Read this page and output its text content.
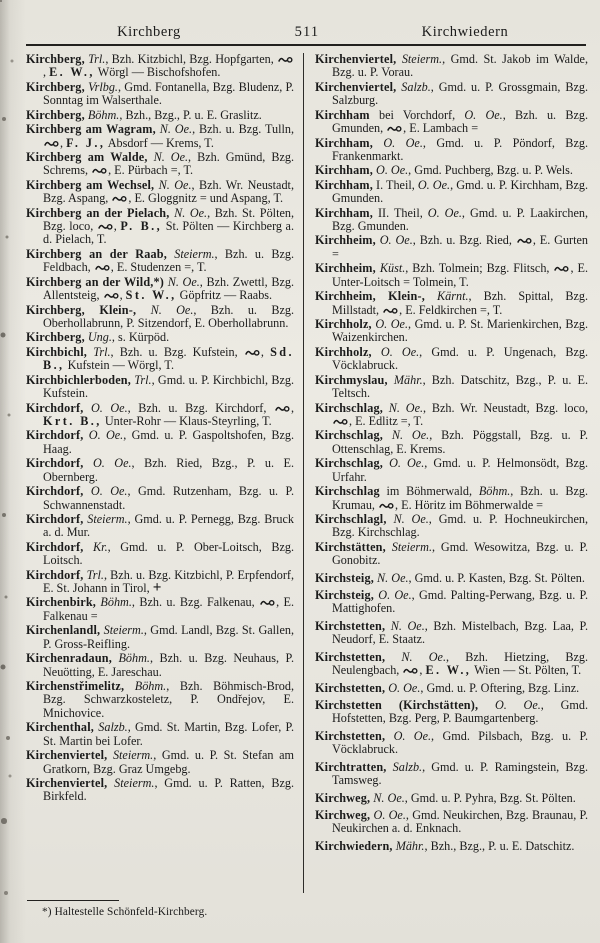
Kirchberg	511	Kirchwiedern

Kirchberg, Trl., Bzh. Kitzbichl, Bzg. Hopfgarten, , E. W., Wörgl — Bischofshofen.

Kirchberg, Vrlbg., Gmd. Fontanella, Bzg. Bludenz, P. Sonntag im Walserthale.

Kirchberg, Böhm., Bzh., Bzg., P. u. E. Graslitz.

Kirchberg am Wagram, N. Oe., Bzh. u. Bzg. Tulln, , F. J., Absdorf — Krems, T.

Kirchberg am Walde, N. Oe., Bzh. Gmünd, Bzg. Schrems, , E. Pürbach =, T.

Kirchberg am Wechsel, N. Oe., Bzh. Wr. Neustadt, Bzg. Aspang, , E. Gloggnitz = und Aspang, T.

Kirchberg an der Pielach, N. Oe., Bzh. St. Pölten, Bzg. loco, , P. B., St. Pölten — Kirchberg a. d. Pielach, T.

Kirchberg an der Raab, Steierm., Bzh. u. Bzg. Feldbach, , E. Studenzen =, T.

Kirchberg an der Wild,*) N. Oe., Bzh. Zwettl, Bzg. Allentsteig, , St. W., Göpfritz — Raabs.

Kirchberg, Klein-, N. Oe., Bzh. u. Bzg. Oberhollabrunn, P. Sitzendorf, E. Oberhollabrunn.

Kirchberg, Ung., s. Kürpöd.

Kirchbichl, Trl., Bzh. u. Bzg. Kufstein, , Sd. B., Kufstein — Wörgl, T.

Kirchbichlerboden, Trl., Gmd. u. P. Kirchbichl, Bzg. Kufstein.

Kirchdorf, O. Oe., Bzh. u. Bzg. Kirchdorf, , Krt. B., Unter-Rohr — Klaus-Steyrling, T.

Kirchdorf, O. Oe., Gmd. u. P. Gaspoltshofen, Bzg. Haag.

Kirchdorf, O. Oe., Bzh. Ried, Bzg., P. u. E. Obernberg.

Kirchdorf, O. Oe., Gmd. Rutzenham, Bzg. u. P. Schwannenstadt.

Kirchdorf, Steierm., Gmd. u. P. Pernegg, Bzg. Bruck a. d. Mur.

Kirchdorf, Kr., Gmd. u. P. Ober-Loitsch, Bzg. Loitsch.

Kirchdorf, Trl., Bzh. u. Bzg. Kitzbichl, P. Erpfendorf, E. St. Johann in Tirol, +

Kirchenbirk, Böhm., Bzh. u. Bzg. Falkenau, , E. Falkenau =

Kirchenlandl, Steierm., Gmd. Landl, Bzg. St. Gallen, P. Gross-Reifling.

Kirchenradaun, Böhm., Bzh. u. Bzg. Neuhaus, P. Neuötting, E. Jareschau.

Kirchenstřimelitz, Böhm., Bzh. Böhmisch-Brod, Bzg. Schwarzkosteletz, P. Ondřejov, E. Mnichovice.

Kirchenthal, Salzb., Gmd. St. Martin, Bzg. Lofer, P. St. Martin bei Lofer.

Kirchenviertel, Steierm., Gmd. u. P. St. Stefan am Gratkorn, Bzg. Graz Umgebg.

Kirchenviertel, Steierm., Gmd. u. P. Ratten, Bzg. Birkfeld.

Kirchenviertel, Steierm., Gmd. St. Jakob im Walde, Bzg. u. P. Vorau.

Kirchenviertel, Salzb., Gmd. u. P. Grossgmain, Bzg. Salzburg.

Kirchham bei Vorchdorf, O. Oe., Bzh. u. Bzg. Gmunden, , E. Lambach =

Kirchham, O. Oe., Gmd. u. P. Pöndorf, Bzg. Frankenmarkt.

Kirchham, O. Oe., Gmd. Puchberg, Bzg. u. P. Wels.

Kirchham, I. Theil, O. Oe., Gmd. u. P. Kirchham, Bzg. Gmunden.

Kirchham, II. Theil, O. Oe., Gmd. u. P. Laakirchen, Bzg. Gmunden.

Kirchheim, O. Oe., Bzh. u. Bzg. Ried, , E. Gurten =

Kirchheim, Küst., Bzh. Tolmein; Bzg. Flitsch, , E. Unter-Loitsch = Tolmein, T.

Kirchheim, Klein-, Kärnt., Bzh. Spittal, Bzg. Millstadt, , E. Feldkirchen =, T.

Kirchholz, O. Oe., Gmd. u. P. St. Marienkirchen, Bzg. Waizenkirchen.

Kirchholz, O. Oe., Gmd. u. P. Ungenach, Bzg. Vöcklabruck.

Kirchmyslau, Mähr., Bzh. Datschitz, Bzg., P. u. E. Teltsch.

Kirchschlag, N. Oe., Bzh. Wr. Neustadt, Bzg. loco, , E. Edlitz =, T.

Kirchschlag, N. Oe., Bzh. Pöggstall, Bzg. u. P. Ottenschlag, E. Krems.

Kirchschlag, O. Oe., Gmd. u. P. Helmonsödt, Bzg. Urfahr.

Kirchschlag im Böhmerwald, Böhm., Bzh. u. Bzg. Krumau, , E. Höritz im Böhmerwalde =

Kirchschlagl, N. Oe., Gmd. u. P. Hochneukirchen, Bzg. Kirchschlag.

Kirchstätten, Steierm., Gmd. Wesowitza, Bzg. u. P. Gonobitz.

Kirchsteig, N. Oe., Gmd. u. P. Kasten, Bzg. St. Pölten.

Kirchsteig, O. Oe., Gmd. Palting-Perwang, Bzg. u. P. Mattighofen.

Kirchstetten, N. Oe., Bzh. Mistelbach, Bzg. Laa, P. Neudorf, E. Staatz.

Kirchstetten, N. Oe., Bzh. Hietzing, Bzg. Neulengbach, , E. W., Wien — St. Pölten, T.

Kirchstetten, O. Oe., Gmd. u. P. Oftering, Bzg. Linz.

Kirchstetten (Kirchstätten), O. Oe., Gmd. Hofstetten, Bzg. Perg, P. Baumgartenberg.

Kirchstetten, O. Oe., Gmd. Pilsbach, Bzg. u. P. Vöcklabruck.

Kirchtratten, Salzb., Gmd. u. P. Ramingstein, Bzg. Tamsweg.

Kirchweg, N. Oe., Gmd. u. P. Pyhra, Bzg. St. Pölten.

Kirchweg, O. Oe., Gmd. Neukirchen, Bzg. Braunau, P. Neukirchen a. d. Enknach.

Kirchwiedern, Mähr., Bzh., Bzg., P. u. E. Datschitz.

*) Haltestelle Schönfeld-Kirchberg.
